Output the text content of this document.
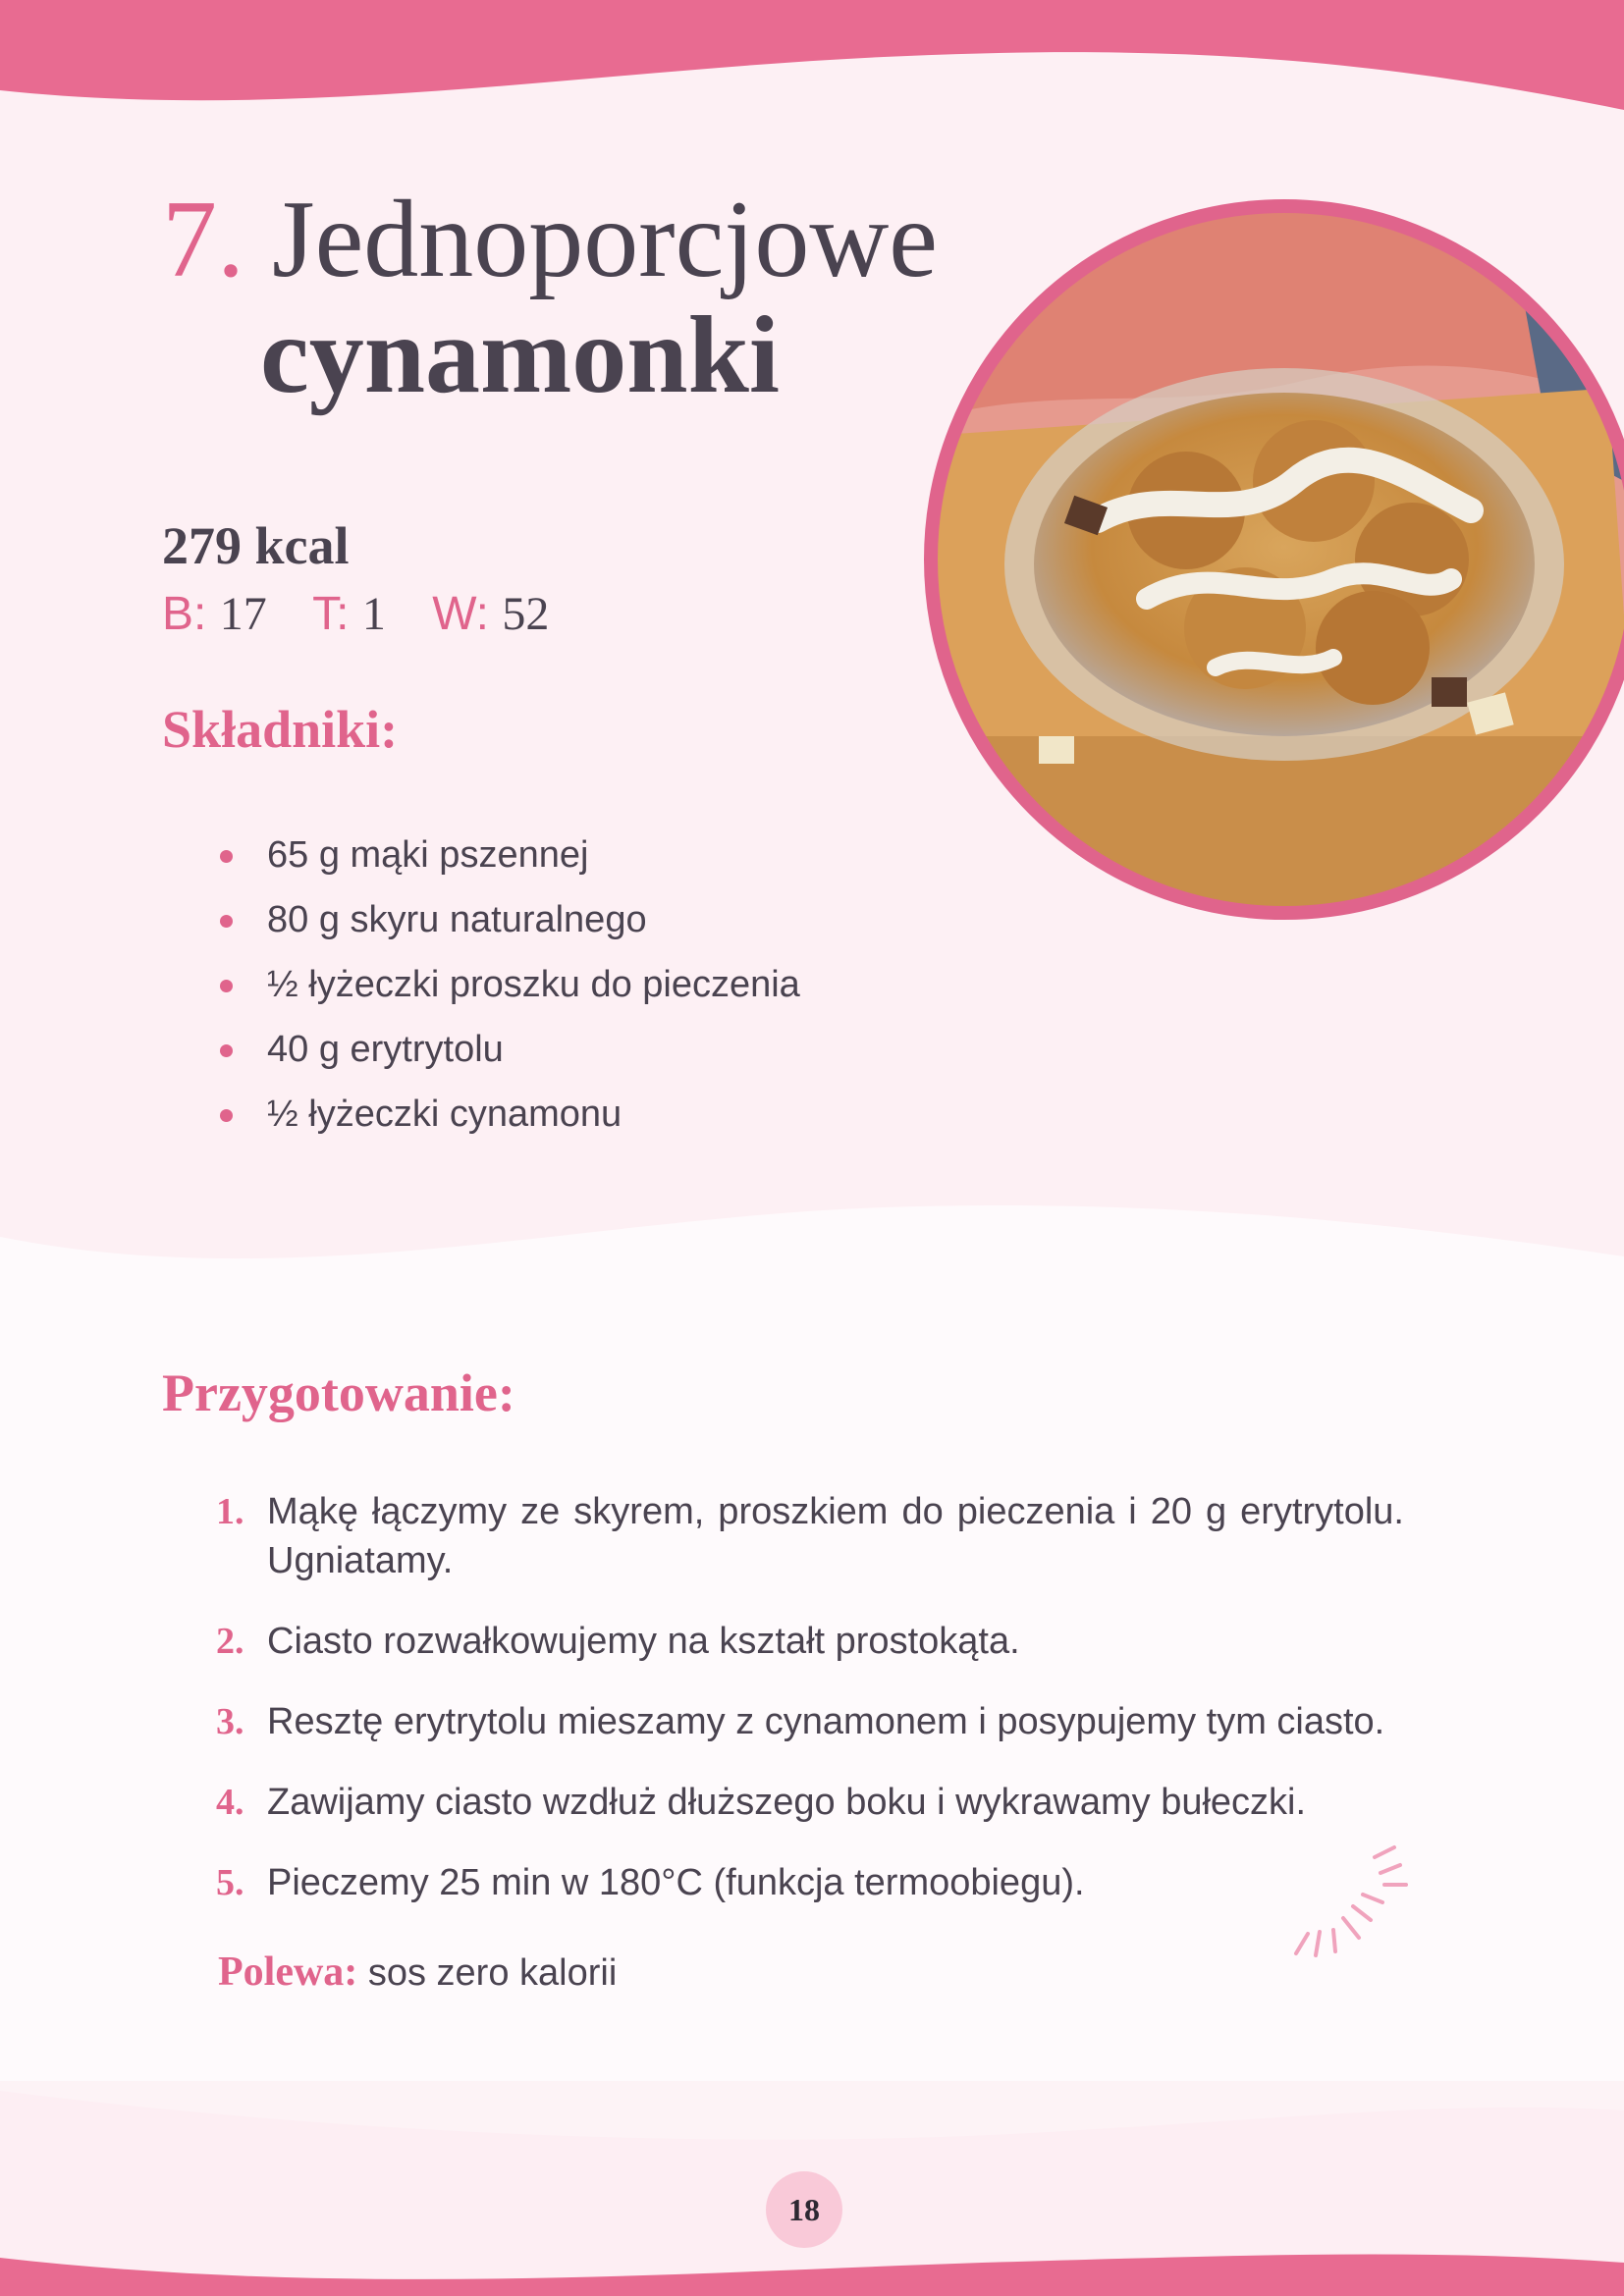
7. Jednoporcjowe
cynamonki
279 kcal
B: 17 T: 1 W: 52
Składniki:
65 g mąki pszennej
80 g skyru naturalnego
½ łyżeczki proszku do pieczenia
40 g erytrytolu
½ łyżeczki cynamonu
Przygotowanie:
1. Mąkę łączymy ze skyrem, proszkiem do pieczenia i 20 g erytrytolu. Ugniatamy.
2. Ciasto rozwałkowujemy na kształt prostokąta.
3. Resztę erytrytolu mieszamy z cynamonem i posypujemy tym ciasto.
4. Zawijamy ciasto wzdłuż dłuższego boku i wykrawamy bułeczki.
5. Pieczemy 25 min w 180°C (funkcja termoobiegu).
Polewa: sos zero kalorii
18
